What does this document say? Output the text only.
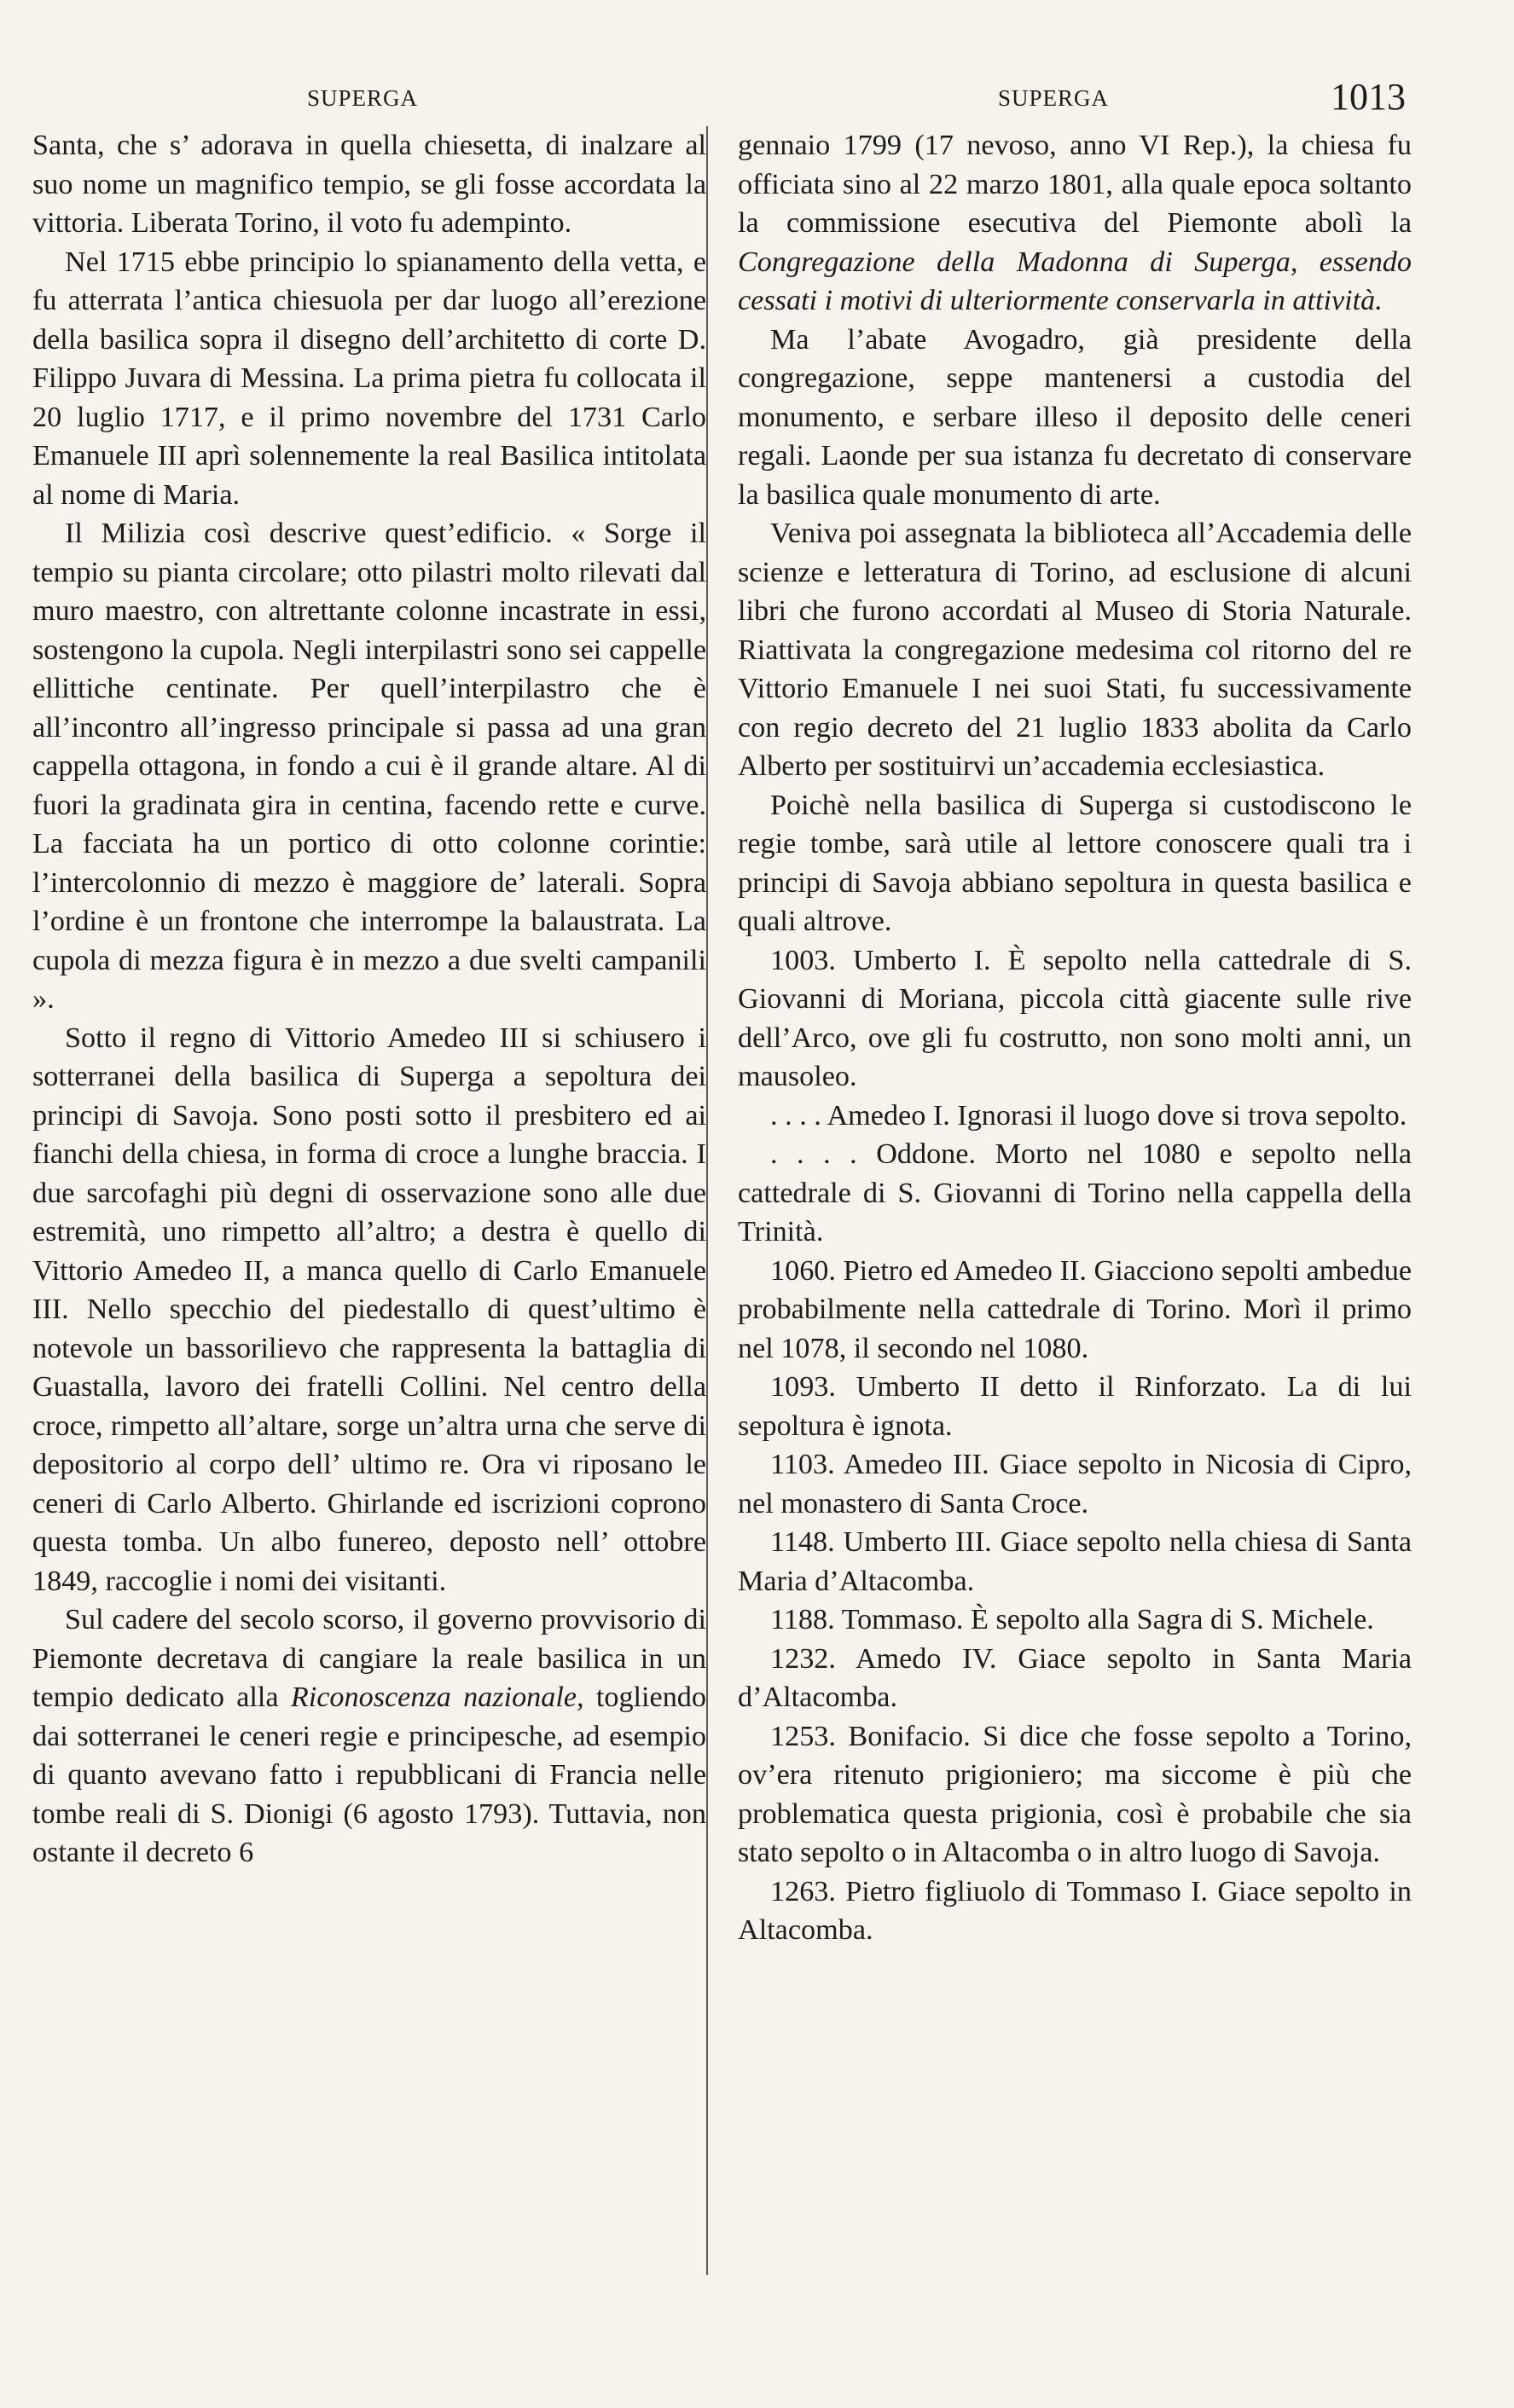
SUPERGA	SUPERGA	1013

Santa, che s’ adorava in quella chiesetta, di inalzare al suo nome un magnifico tempio, se gli fosse accordata la vittoria. Liberata Torino, il voto fu adempinto.

Nel 1715 ebbe principio lo spianamento della vetta, e fu atterrata l’antica chiesuola per dar luogo all’erezione della basilica sopra il disegno dell’architetto di corte D. Filippo Juvara di Messina. La prima pietra fu collocata il 20 luglio 1717, e il primo novembre del 1731 Carlo Emanuele III aprì solennemente la real Basilica intitolata al nome di Maria.

Il Milizia così descrive quest’edificio. « Sorge il tempio su pianta circolare; otto pilastri molto rilevati dal muro maestro, con altrettante colonne incastrate in essi, sostengono la cupola. Negli interpilastri sono sei cappelle ellittiche centinate. Per quell’interpilastro che è all’incontro all’ingresso principale si passa ad una gran cappella ottagona, in fondo a cui è il grande altare. Al di fuori la gradinata gira in centina, facendo rette e curve. La facciata ha un portico di otto colonne corintie: l’intercolonnio di mezzo è maggiore de’ laterali. Sopra l’ordine è un frontone che interrompe la balaustrata. La cupola di mezza figura è in mezzo a due svelti campanili ».

Sotto il regno di Vittorio Amedeo III si schiusero i sotterranei della basilica di Superga a sepoltura dei principi di Savoja. Sono posti sotto il presbitero ed ai fianchi della chiesa, in forma di croce a lunghe braccia. I due sarcofaghi più degni di osservazione sono alle due estremità, uno rimpetto all’altro; a destra è quello di Vittorio Amedeo II, a manca quello di Carlo Emanuele III. Nello specchio del piedestallo di quest’ultimo è notevole un bassorilievo che rappresenta la battaglia di Guastalla, lavoro dei fratelli Collini. Nel centro della croce, rimpetto all’altare, sorge un’altra urna che serve di depositorio al corpo dell’ ultimo re. Ora vi riposano le ceneri di Carlo Alberto. Ghirlande ed iscrizioni coprono questa tomba. Un albo funereo, deposto nell’ ottobre 1849, raccoglie i nomi dei visitanti.

Sul cadere del secolo scorso, il governo provvisorio di Piemonte decretava di cangiare la reale basilica in un tempio dedicato alla Riconoscenza nazionale, togliendo dai sotterranei le ceneri regie e principesche, ad esempio di quanto avevano fatto i repubblicani di Francia nelle tombe reali di S. Dionigi (6 agosto 1793). Tuttavia, non ostante il decreto 6

gennaio 1799 (17 nevoso, anno VI Rep.), la chiesa fu officiata sino al 22 marzo 1801, alla quale epoca soltanto la commissione esecutiva del Piemonte abolì la Congregazione della Madonna di Superga, essendo cessati i motivi di ulteriormente conservarla in attività.

Ma l’abate Avogadro, già presidente della congregazione, seppe mantenersi a custodia del monumento, e serbare illeso il deposito delle ceneri regali. Laonde per sua istanza fu decretato di conservare la basilica quale monumento di arte.

Veniva poi assegnata la biblioteca all’Accademia delle scienze e letteratura di Torino, ad esclusione di alcuni libri che furono accordati al Museo di Storia Naturale. Riattivata la congregazione medesima col ritorno del re Vittorio Emanuele I nei suoi Stati, fu successivamente con regio decreto del 21 luglio 1833 abolita da Carlo Alberto per sostituirvi un’accademia ecclesiastica.

Poichè nella basilica di Superga si custodiscono le regie tombe, sarà utile al lettore conoscere quali tra i principi di Savoja abbiano sepoltura in questa basilica e quali altrove.

1003. Umberto I. È sepolto nella cattedrale di S. Giovanni di Moriana, piccola città giacente sulle rive dell’Arco, ove gli fu costrutto, non sono molti anni, un mausoleo.

. . . . Amedeo I. Ignorasi il luogo dove si trova sepolto.

. . . . Oddone. Morto nel 1080 e sepolto nella cattedrale di S. Giovanni di Torino nella cappella della Trinità.

1060. Pietro ed Amedeo II. Giacciono sepolti ambedue probabilmente nella cattedrale di Torino. Morì il primo nel 1078, il secondo nel 1080.

1093. Umberto II detto il Rinforzato. La di lui sepoltura è ignota.

1103. Amedeo III. Giace sepolto in Nicosia di Cipro, nel monastero di Santa Croce.

1148. Umberto III. Giace sepolto nella chiesa di Santa Maria d’Altacomba.

1188. Tommaso. È sepolto alla Sagra di S. Michele.

1232. Amedo IV. Giace sepolto in Santa Maria d’Altacomba.

1253. Bonifacio. Si dice che fosse sepolto a Torino, ov’era ritenuto prigioniero; ma siccome è più che problematica questa prigionia, così è probabile che sia stato sepolto o in Altacomba o in altro luogo di Savoja.

1263. Pietro figliuolo di Tommaso I. Giace sepolto in Altacomba.
